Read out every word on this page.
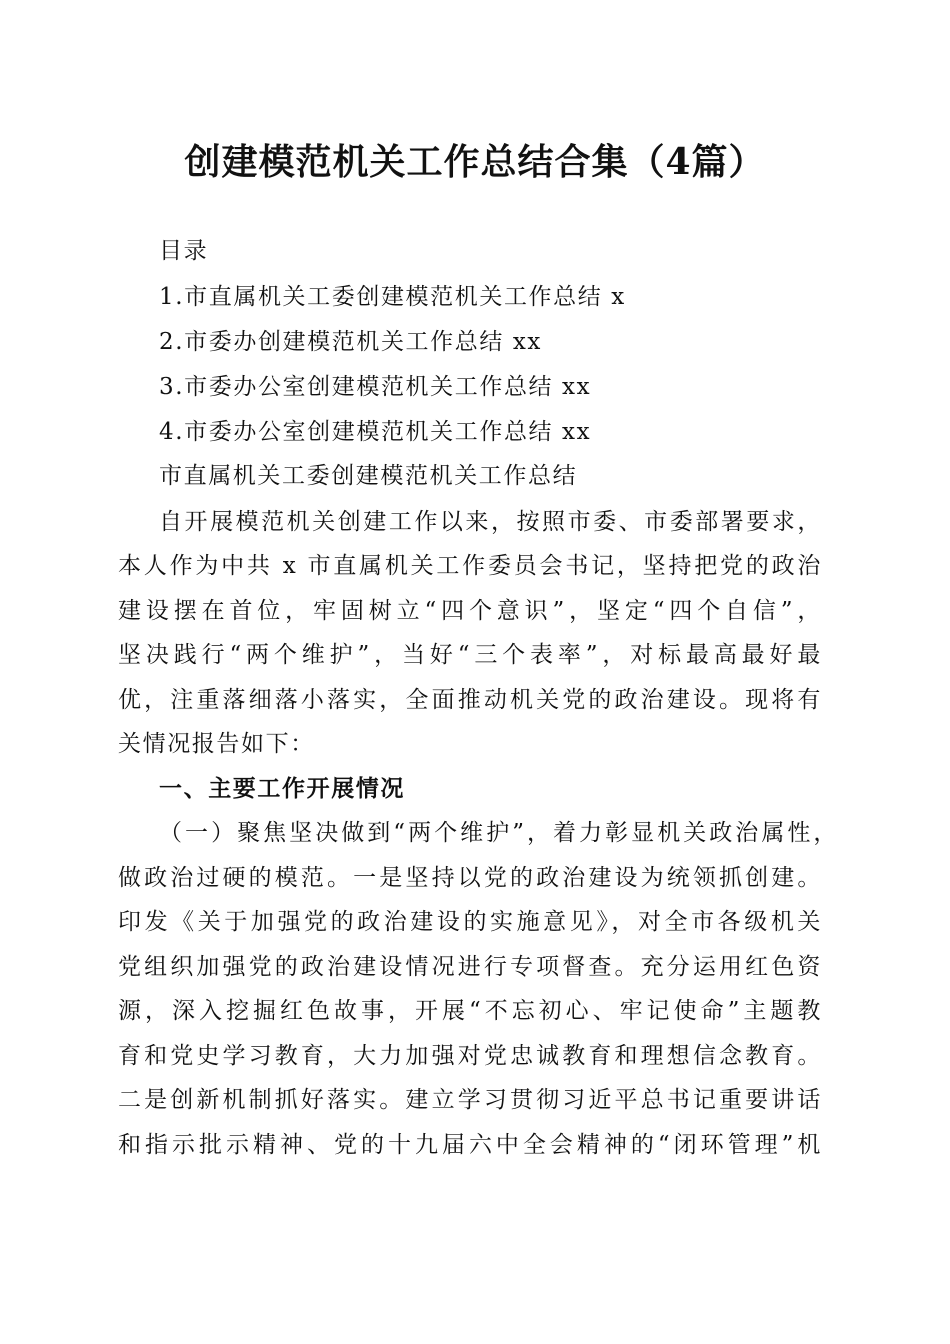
创建模范机关工作总结合集（4篇）
目录
1.市直属机关工委创建模范机关工作总结 x
2.市委办创建模范机关工作总结 xx
3.市委办公室创建模范机关工作总结 xx
4.市委办公室创建模范机关工作总结 xx
市直属机关工委创建模范机关工作总结
自开展模范机关创建工作以来，按照市委、市委部署要求，
本人作为中共 x 市直属机关工作委员会书记，坚持把党的政治
建设摆在首位，牢固树立“四个意识”，坚定“四个自信”，
坚决践行“两个维护”，当好“三个表率”，对标最高最好最
优，注重落细落小落实，全面推动机关党的政治建设。现将有
关情况报告如下：
一、主要工作开展情况
（一）聚焦坚决做到“两个维护”，着力彰显机关政治属性，
做政治过硬的模范。一是坚持以党的政治建设为统领抓创建。
印发《关于加强党的政治建设的实施意见》，对全市各级机关
党组织加强党的政治建设情况进行专项督查。充分运用红色资
源，深入挖掘红色故事，开展“不忘初心、牢记使命”主题教
育和党史学习教育，大力加强对党忠诚教育和理想信念教育。
二是创新机制抓好落实。建立学习贯彻习近平总书记重要讲话
和指示批示精神、党的十九届六中全会精神的“闭环管理”机
